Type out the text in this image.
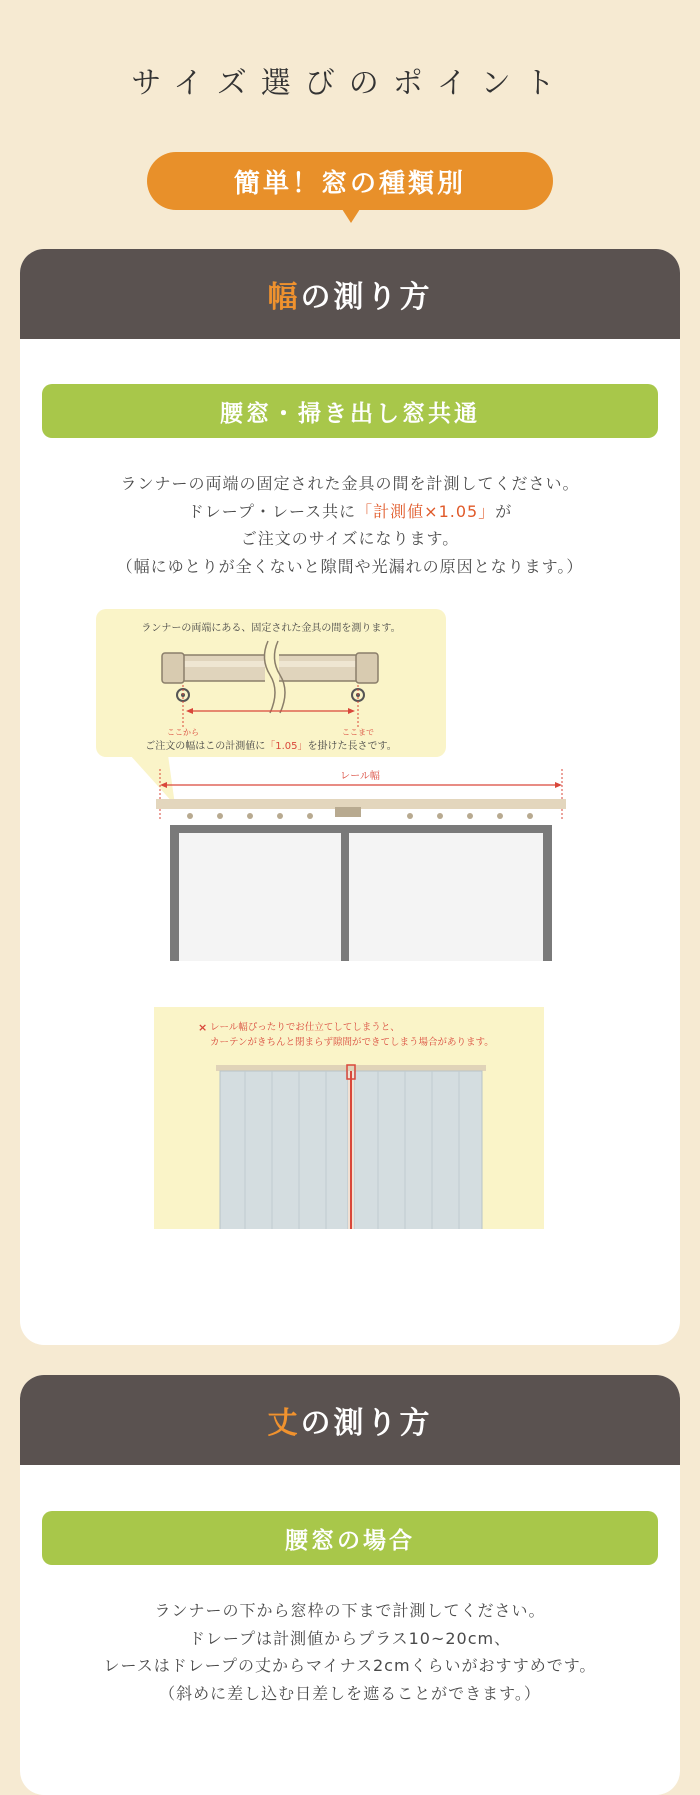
サイズ選びのポイント
簡単！窓の種類別
幅 の測り方
腰窓・掃き出し窓共通
ランナーの両端の固定された金具の間を計測してください。
ドレープ・レース共に「計測値×1.05」が
ご注文のサイズになります。
（幅にゆとりが全くないと隙間や光漏れの原因となります。）
ランナーの両端にある、固定された金具の間を測ります。
ここから	ここまで
ご注文の幅はこの計測値に「1.05」を掛けた長さです。
レール幅
× レール幅ぴったりでお仕立てしてしまうと、
カーテンがきちんと閉まらず隙間ができてしまう場合があります。
丈 の測り方
腰窓の場合
ランナーの下から窓枠の下まで計測してください。
ドレープは計測値からプラス10~20cm、
レースはドレープの丈からマイナス2cmくらいがおすすめです。
（斜めに差し込む日差しを遮ることができます。）
